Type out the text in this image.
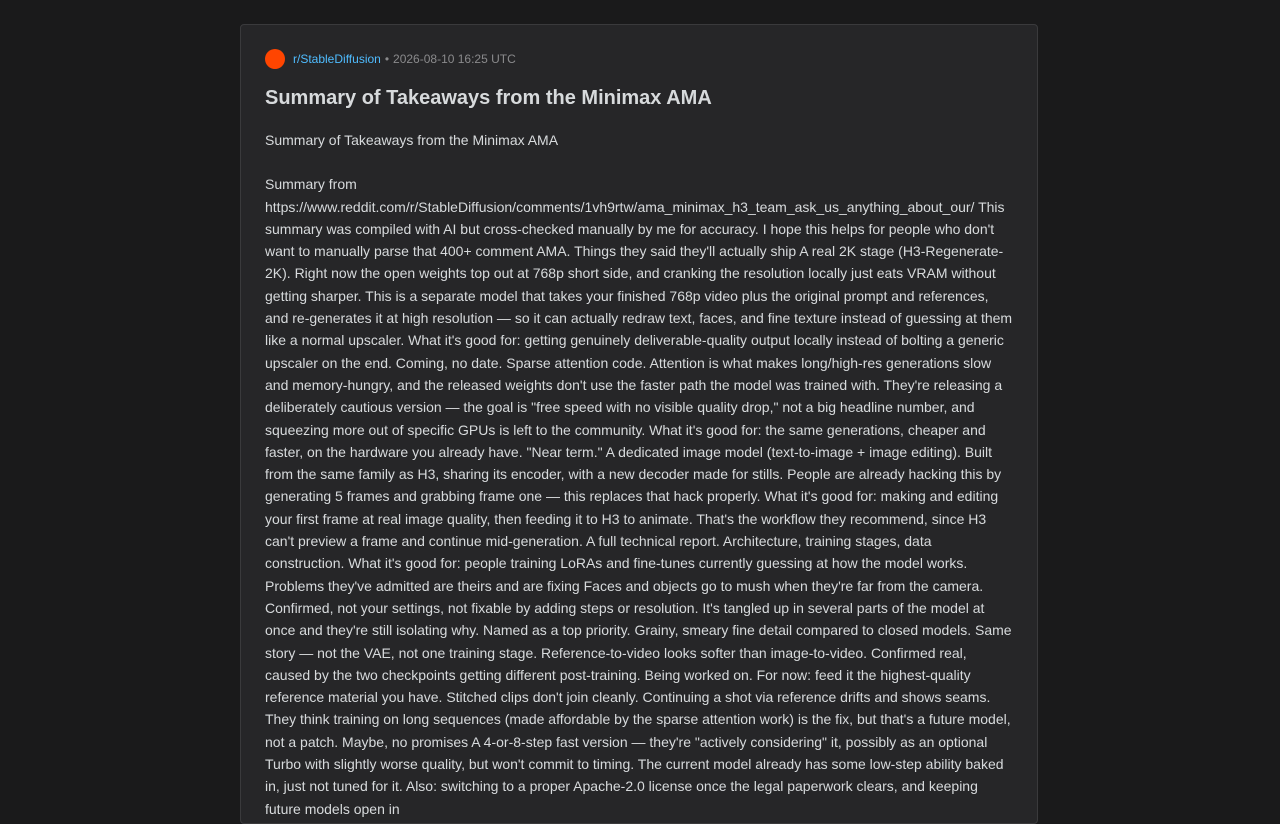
r/StableDiffusion • 2026-08-10 16:25 UTC
Summary of Takeaways from the Minimax AMA

Summary of Takeaways from the Minimax AMA

Summary from https://www.reddit.com/r/StableDiffusion/comments/1vh9rtw/ama_minimax_h3_team_ask_us_anything_about_our/ This summary was compiled with AI but cross-checked manually by me for accuracy. I hope this helps for people who don't want to manually parse that 400+ comment AMA. Things they said they'll actually ship A real 2K stage (H3-Regenerate-2K). Right now the open weights top out at 768p short side, and cranking the resolution locally just eats VRAM without getting sharper. This is a separate model that takes your finished 768p video plus the original prompt and references, and re-generates it at high resolution — so it can actually redraw text, faces, and fine texture instead of guessing at them like a normal upscaler. What it's good for: getting genuinely deliverable-quality output locally instead of bolting a generic upscaler on the end. Coming, no date. Sparse attention code. Attention is what makes long/high-res generations slow and memory-hungry, and the released weights don't use the faster path the model was trained with. They're releasing a deliberately cautious version — the goal is "free speed with no visible quality drop," not a big headline number, and squeezing more out of specific GPUs is left to the community. What it's good for: the same generations, cheaper and faster, on the hardware you already have. "Near term." A dedicated image model (text-to-image + image editing). Built from the same family as H3, sharing its encoder, with a new decoder made for stills. People are already hacking this by generating 5 frames and grabbing frame one — this replaces that hack properly. What it's good for: making and editing your first frame at real image quality, then feeding it to H3 to animate. That's the workflow they recommend, since H3 can't preview a frame and continue mid-generation. A full technical report. Architecture, training stages, data construction. What it's good for: people training LoRAs and fine-tunes currently guessing at how the model works. Problems they've admitted are theirs and are fixing Faces and objects go to mush when they're far from the camera. Confirmed, not your settings, not fixable by adding steps or resolution. It's tangled up in several parts of the model at once and they're still isolating why. Named as a top priority. Grainy, smeary fine detail compared to closed models. Same story — not the VAE, not one training stage. Reference-to-video looks softer than image-to-video. Confirmed real, caused by the two checkpoints getting different post-training. Being worked on. For now: feed it the highest-quality reference material you have. Stitched clips don't join cleanly. Continuing a shot via reference drifts and shows seams. They think training on long sequences (made affordable by the sparse attention work) is the fix, but that's a future model, not a patch. Maybe, no promises A 4-or-8-step fast version — they're "actively considering" it, possibly as an optional Turbo with slightly worse quality, but won't commit to timing. The current model already has some low-step ability baked in, just not tuned for it. Also: switching to a proper Apache-2.0 license once the legal paperwork clears, and keeping future models open in
